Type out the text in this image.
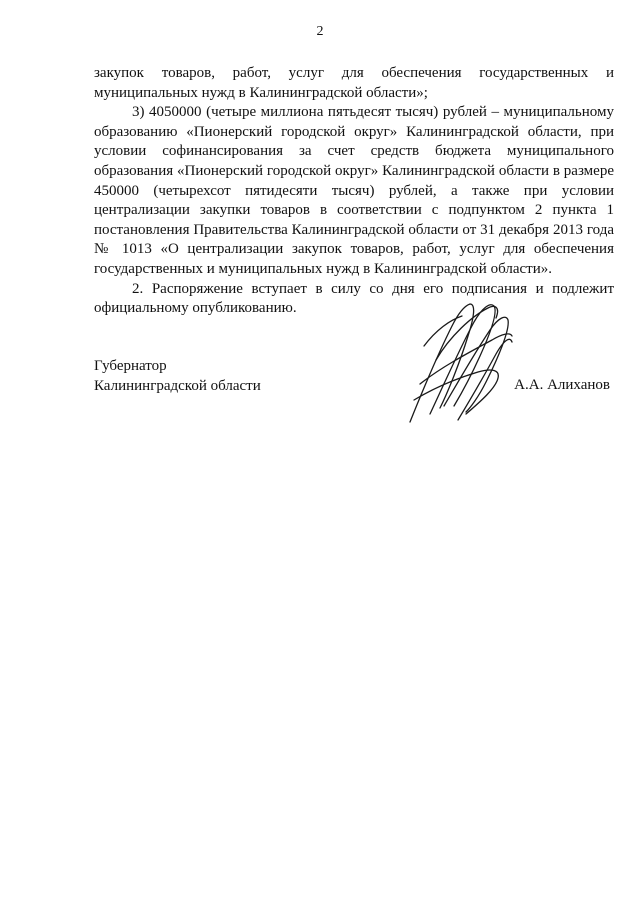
2

закупок товаров, работ, услуг для обеспечения государственных и муниципальных нужд в Калининградской области»;

3) 4050000 (четыре миллиона пятьдесят тысяч) рублей – муниципальному образованию «Пионерский городской округ» Калининградской области, при условии софинансирования за счет средств бюджета муниципального образования «Пионерский городской округ» Калининградской области в размере 450000 (четырехсот пятидесяти тысяч) рублей, а также при условии централизации закупки товаров в соответствии с подпунктом 2 пункта 1 постановления Правительства Калининградской области от 31 декабря 2013 года № 1013 «О централизации закупок товаров, работ, услуг для обеспечения государственных и муниципальных нужд в Калининградской области».

2. Распоряжение вступает в силу со дня его подписания и подлежит официальному опубликованию.

Губернатор
Калининградской области	А.А. Алиханов
